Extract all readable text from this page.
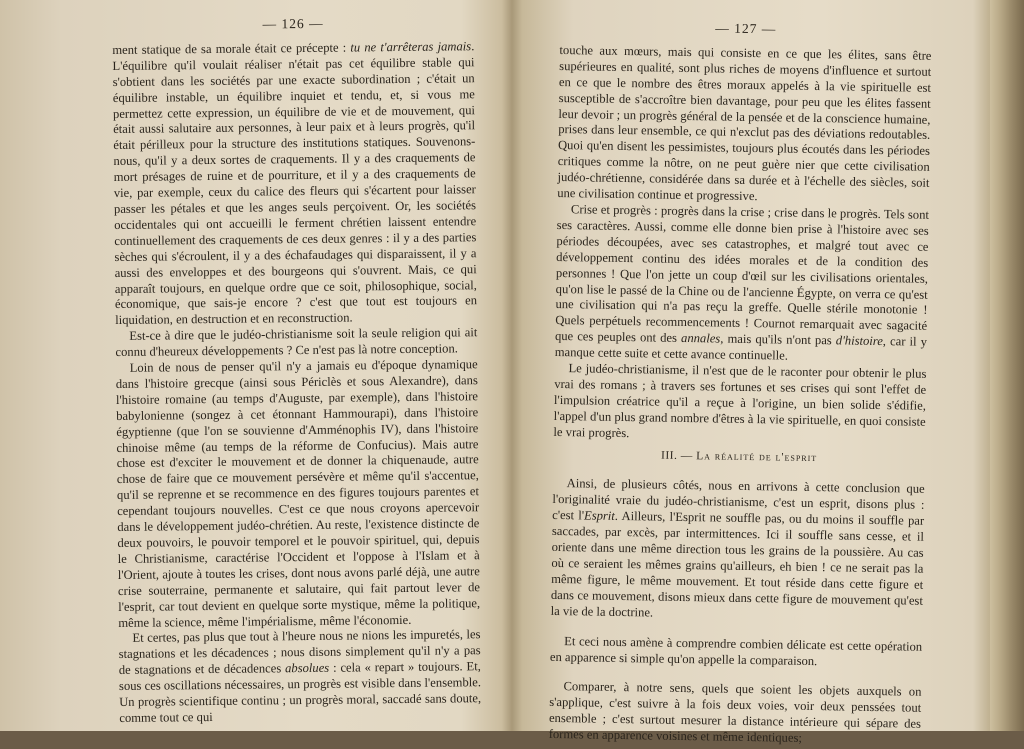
— 126 —

ment statique de sa morale était ce précepte : tu ne t'arrêteras jamais. L'équilibre qu'il voulait réaliser n'était pas cet équilibre stable qui s'obtient dans les sociétés par une exacte subordination ; c'était un équilibre instable, un équilibre inquiet et tendu, et, si vous me permettez cette expression, un équilibre de vie et de mouvement, qui était aussi salutaire aux personnes, à leur paix et à leurs progrès, qu'il était périlleux pour la structure des institutions statiques. Souvenons-nous, qu'il y a deux sortes de craquements. Il y a des craquements de mort présages de ruine et de pourriture, et il y a des craquements de vie, par exemple, ceux du calice des fleurs qui s'écartent pour laisser passer les pétales et que les anges seuls perçoivent. Or, les sociétés occidentales qui ont accueilli le ferment chrétien laissent entendre continuellement des craquements de ces deux genres : il y a des parties sèches qui s'écroulent, il y a des échafaudages qui disparaissent, il y a aussi des enveloppes et des bourgeons qui s'ouvrent. Mais, ce qui apparaît toujours, en quelque ordre que ce soit, philosophique, social, économique, que sais-je encore ? c'est que tout est toujours en liquidation, en destruction et en reconstruction.

Est-ce à dire que le judéo-christianisme soit la seule religion qui ait connu d'heureux développements ? Ce n'est pas là notre conception.

Loin de nous de penser qu'il n'y a jamais eu d'époque dynamique dans l'histoire grecque (ainsi sous Périclès et sous Alexandre), dans l'histoire romaine (au temps d'Auguste, par exemple), dans l'histoire babylonienne (songez à cet étonnant Hammourapi), dans l'histoire égyptienne (que l'on se souvienne d'Amménophis IV), dans l'histoire chinoise même (au temps de la réforme de Confucius). Mais autre chose est d'exciter le mouvement et de donner la chiquenaude, autre chose de faire que ce mouvement persévère et même qu'il s'accentue, qu'il se reprenne et se recommence en des figures toujours parentes et cependant toujours nouvelles. C'est ce que nous croyons apercevoir dans le développement judéo-chrétien. Au reste, l'existence distincte de deux pouvoirs, le pouvoir temporel et le pouvoir spirituel, qui, depuis le Christianisme, caractérise l'Occident et l'oppose à l'Islam et à l'Orient, ajoute à toutes les crises, dont nous avons parlé déjà, une autre crise souterraine, permanente et salutaire, qui fait partout lever de l'esprit, car tout devient en quelque sorte mystique, même la politique, même la science, même l'impérialisme, même l'économie.

Et certes, pas plus que tout à l'heure nous ne nions les impuretés, les stagnations et les décadences ; nous disons simplement qu'il n'y a pas de stagnations et de décadences absolues : cela « repart » toujours. Et, sous ces oscillations nécessaires, un progrès est visible dans l'ensemble. Un progrès scientifique continu ; un progrès moral, saccadé sans doute, comme tout ce qui

— 127 —

touche aux mœurs, mais qui consiste en ce que les élites, sans être supérieures en qualité, sont plus riches de moyens d'influence et surtout en ce que le nombre des êtres moraux appelés à la vie spirituelle est susceptible de s'accroître bien davantage, pour peu que les élites fassent leur devoir ; un progrès général de la pensée et de la conscience humaine, prises dans leur ensemble, ce qui n'exclut pas des déviations redoutables. Quoi qu'en disent les pessimistes, toujours plus écoutés dans les périodes critiques comme la nôtre, on ne peut guère nier que cette civilisation judéo-chrétienne, considérée dans sa durée et à l'échelle des siècles, soit une civilisation continue et progressive.

Crise et progrès : progrès dans la crise ; crise dans le progrès. Tels sont ses caractères. Aussi, comme elle donne bien prise à l'histoire avec ses périodes découpées, avec ses catastrophes, et malgré tout avec ce développement continu des idées morales et de la condition des personnes ! Que l'on jette un coup d'œil sur les civilisations orientales, qu'on lise le passé de la Chine ou de l'ancienne Égypte, on verra ce qu'est une civilisation qui n'a pas reçu la greffe. Quelle stérile monotonie ! Quels perpétuels recommencements ! Cournot remarquait avec sagacité que ces peuples ont des annales, mais qu'ils n'ont pas d'histoire, car il y manque cette suite et cette avance continuelle.

Le judéo-christianisme, il n'est que de le raconter pour obtenir le plus vrai des romans ; à travers ses fortunes et ses crises qui sont l'effet de l'impulsion créatrice qu'il a reçue à l'origine, un bien solide s'édifie, l'appel d'un plus grand nombre d'êtres à la vie spirituelle, en quoi consiste le vrai progrès.

III. — La réalité de l'esprit

Ainsi, de plusieurs côtés, nous en arrivons à cette conclusion que l'originalité vraie du judéo-christianisme, c'est un esprit, disons plus : c'est l'Esprit. Ailleurs, l'Esprit ne souffle pas, ou du moins il souffle par saccades, par excès, par intermittences. Ici il souffle sans cesse, et il oriente dans une même direction tous les grains de la poussière. Au cas où ce seraient les mêmes grains qu'ailleurs, eh bien ! ce ne serait pas la même figure, le même mouvement. Et tout réside dans cette figure et dans ce mouvement, disons mieux dans cette figure de mouvement qu'est la vie de la doctrine.

Et ceci nous amène à comprendre combien délicate est cette opération en apparence si simple qu'on appelle la comparaison.

Comparer, à notre sens, quels que soient les objets auxquels on s'applique, c'est suivre à la fois deux voies, voir deux penssées tout ensemble ; c'est surtout mesurer la distance intérieure qui sépare des formes en apparence voisines et même identiques;
